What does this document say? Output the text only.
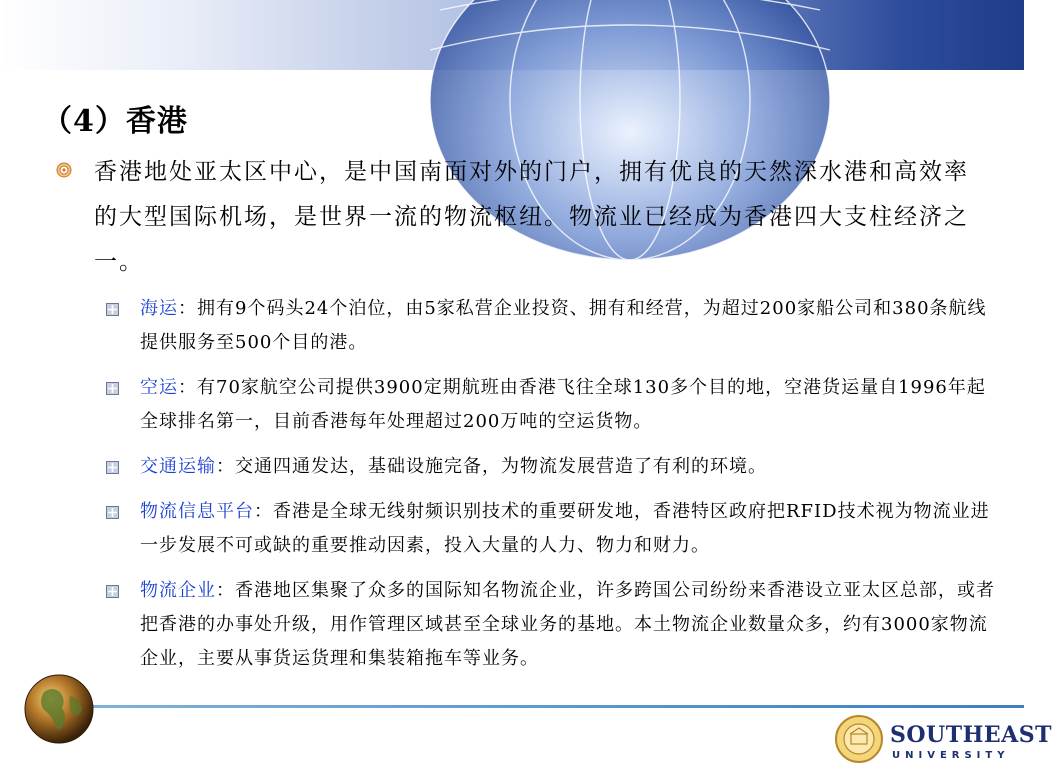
（4）香港
香港地处亚太区中心，是中国南面对外的门户，拥有优良的天然深水港和高效率的大型国际机场，是世界一流的物流枢纽。物流业已经成为香港四大支柱经济之一。
海运：拥有9个码头24个泊位，由5家私营企业投资、拥有和经营，为超过200家船公司和380条航线提供服务至500个目的港。
空运：有70家航空公司提供3900定期航班由香港飞往全球130多个目的地，空港货运量自1996年起全球排名第一，目前香港每年处理超过200万吨的空运货物。
交通运输：交通四通发达，基础设施完备，为物流发展营造了有利的环境。
物流信息平台：香港是全球无线射频识别技术的重要研发地，香港特区政府把RFID技术视为物流业进一步发展不可或缺的重要推动因素，投入大量的人力、物力和财力。
物流企业：香港地区集聚了众多的国际知名物流企业，许多跨国公司纷纷来香港设立亚太区总部，或者把香港的办事处升级，用作管理区域甚至全球业务的基地。本土物流企业数量众多，约有3000家物流企业，主要从事货运货理和集装箱拖车等业务。
SOUTHEAST
UNIVERSITY
